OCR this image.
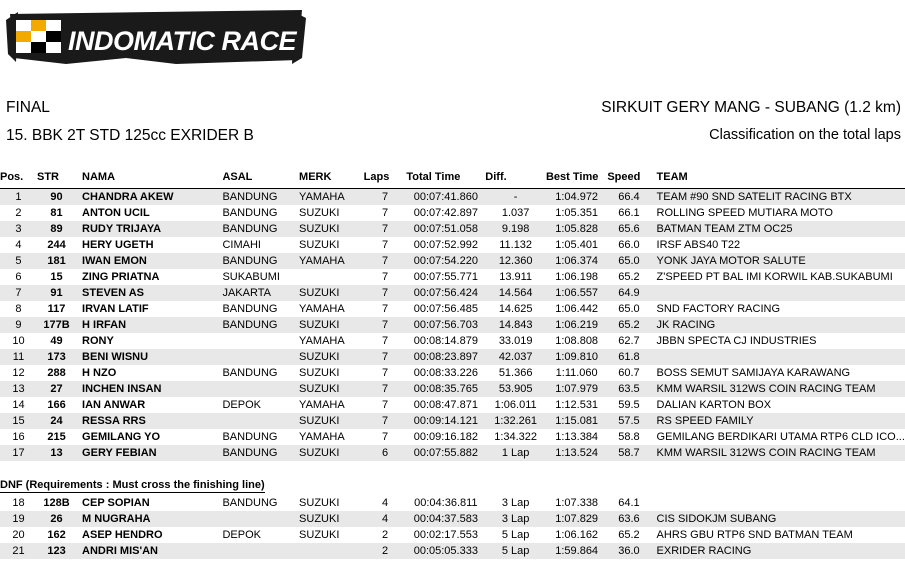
INDOMATIC RACE
FINAL	SIRKUIT GERY MANG - SUBANG (1.2 km)
15. BBK 2T STD 125cc EXRIDER B	Classification on the total laps
Pos.	STR	NAMA	ASAL	MERK	Laps	Total Time	Diff.	Best Time	Speed	TEAM
1	90	CHANDRA AKEW	BANDUNG	YAMAHA	7	00:07:41.860	-	1:04.972	66.4	TEAM #90 SND SATELIT RACING BTX
2	81	ANTON UCIL	BANDUNG	SUZUKI	7	00:07:42.897	1.037	1:05.351	66.1	ROLLING SPEED MUTIARA MOTO
3	89	RUDY TRIJAYA	BANDUNG	SUZUKI	7	00:07:51.058	9.198	1:05.828	65.6	BATMAN TEAM ZTM OC25
4	244	HERY UGETH	CIMAHI	SUZUKI	7	00:07:52.992	11.132	1:05.401	66.0	IRSF ABS40 T22
5	181	IWAN EMON	BANDUNG	YAMAHA	7	00:07:54.220	12.360	1:06.374	65.0	YONK JAYA MOTOR SALUTE
6	15	ZING PRIATNA	SUKABUMI		7	00:07:55.771	13.911	1:06.198	65.2	Z'SPEED PT BAL IMI KORWIL KAB.SUKABUMI
7	91	STEVEN AS	JAKARTA	SUZUKI	7	00:07:56.424	14.564	1:06.557	64.9	
8	117	IRVAN LATIF	BANDUNG	YAMAHA	7	00:07:56.485	14.625	1:06.442	65.0	SND FACTORY RACING
9	177B	H IRFAN	BANDUNG	SUZUKI	7	00:07:56.703	14.843	1:06.219	65.2	JK RACING
10	49	RONY		YAMAHA	7	00:08:14.879	33.019	1:08.808	62.7	JBBN SPECTA CJ INDUSTRIES
11	173	BENI WISNU		SUZUKI	7	00:08:23.897	42.037	1:09.810	61.8	
12	288	H NZO	BANDUNG	SUZUKI	7	00:08:33.226	51.366	1:11.060	60.7	BOSS SEMUT SAMIJAYA KARAWANG
13	27	INCHEN INSAN		SUZUKI	7	00:08:35.765	53.905	1:07.979	63.5	KMM WARSIL 312WS COIN RACING TEAM
14	166	IAN ANWAR	DEPOK	YAMAHA	7	00:08:47.871	1:06.011	1:12.531	59.5	DALIAN KARTON BOX
15	24	RESSA RRS		SUZUKI	7	00:09:14.121	1:32.261	1:15.081	57.5	RS SPEED FAMILY
16	215	GEMILANG YO	BANDUNG	YAMAHA	7	00:09:16.182	1:34.322	1:13.384	58.8	GEMILANG BERDIKARI UTAMA RTP6 CLD ICO...
17	13	GERY FEBIAN	BANDUNG	SUZUKI	6	00:07:55.882	1 Lap	1:13.524	58.7	KMM WARSIL 312WS COIN RACING TEAM

DNF (Requirements : Must cross the finishing line)										
18	128B	CEP SOPIAN	BANDUNG	SUZUKI	4	00:04:36.811	3 Lap	1:07.338	64.1	
19	26	M NUGRAHA		SUZUKI	4	00:04:37.583	3 Lap	1:07.829	63.6	CIS SIDOKJM SUBANG
20	162	ASEP HENDRO	DEPOK	SUZUKI	2	00:02:17.553	5 Lap	1:06.162	65.2	AHRS GBU RTP6 SND BATMAN TEAM
21	123	ANDRI MIS'AN			2	00:05:05.333	5 Lap	1:59.864	36.0	EXRIDER RACING
